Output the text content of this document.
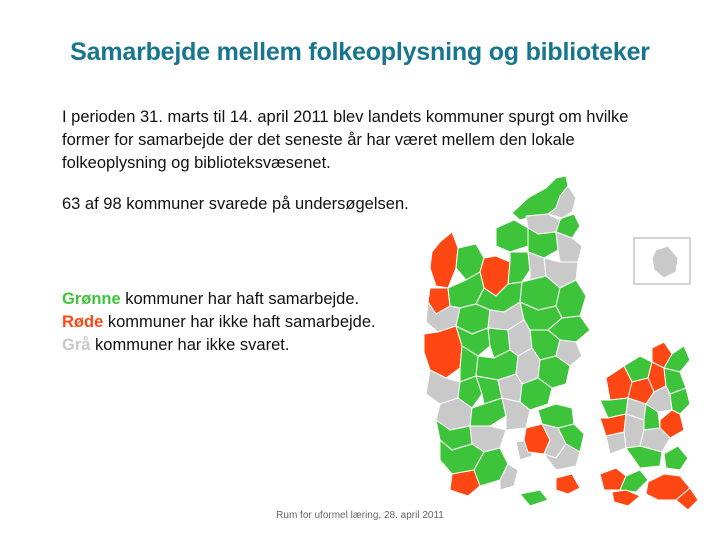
Samarbejde mellem folkeoplysning og biblioteker

I perioden 31. marts til 14. april 2011 blev landets kommuner spurgt om hvilke former for samarbejde der det seneste år har været mellem den lokale folkeoplysning og biblioteksvæsenet.

63 af 98 kommuner svarede på undersøgelsen.

Grønne kommuner har haft samarbejde.
Røde kommuner har ikke haft samarbejde.
Grå kommuner har ikke svaret.
Rum for uformel læring, 28. april 2011
